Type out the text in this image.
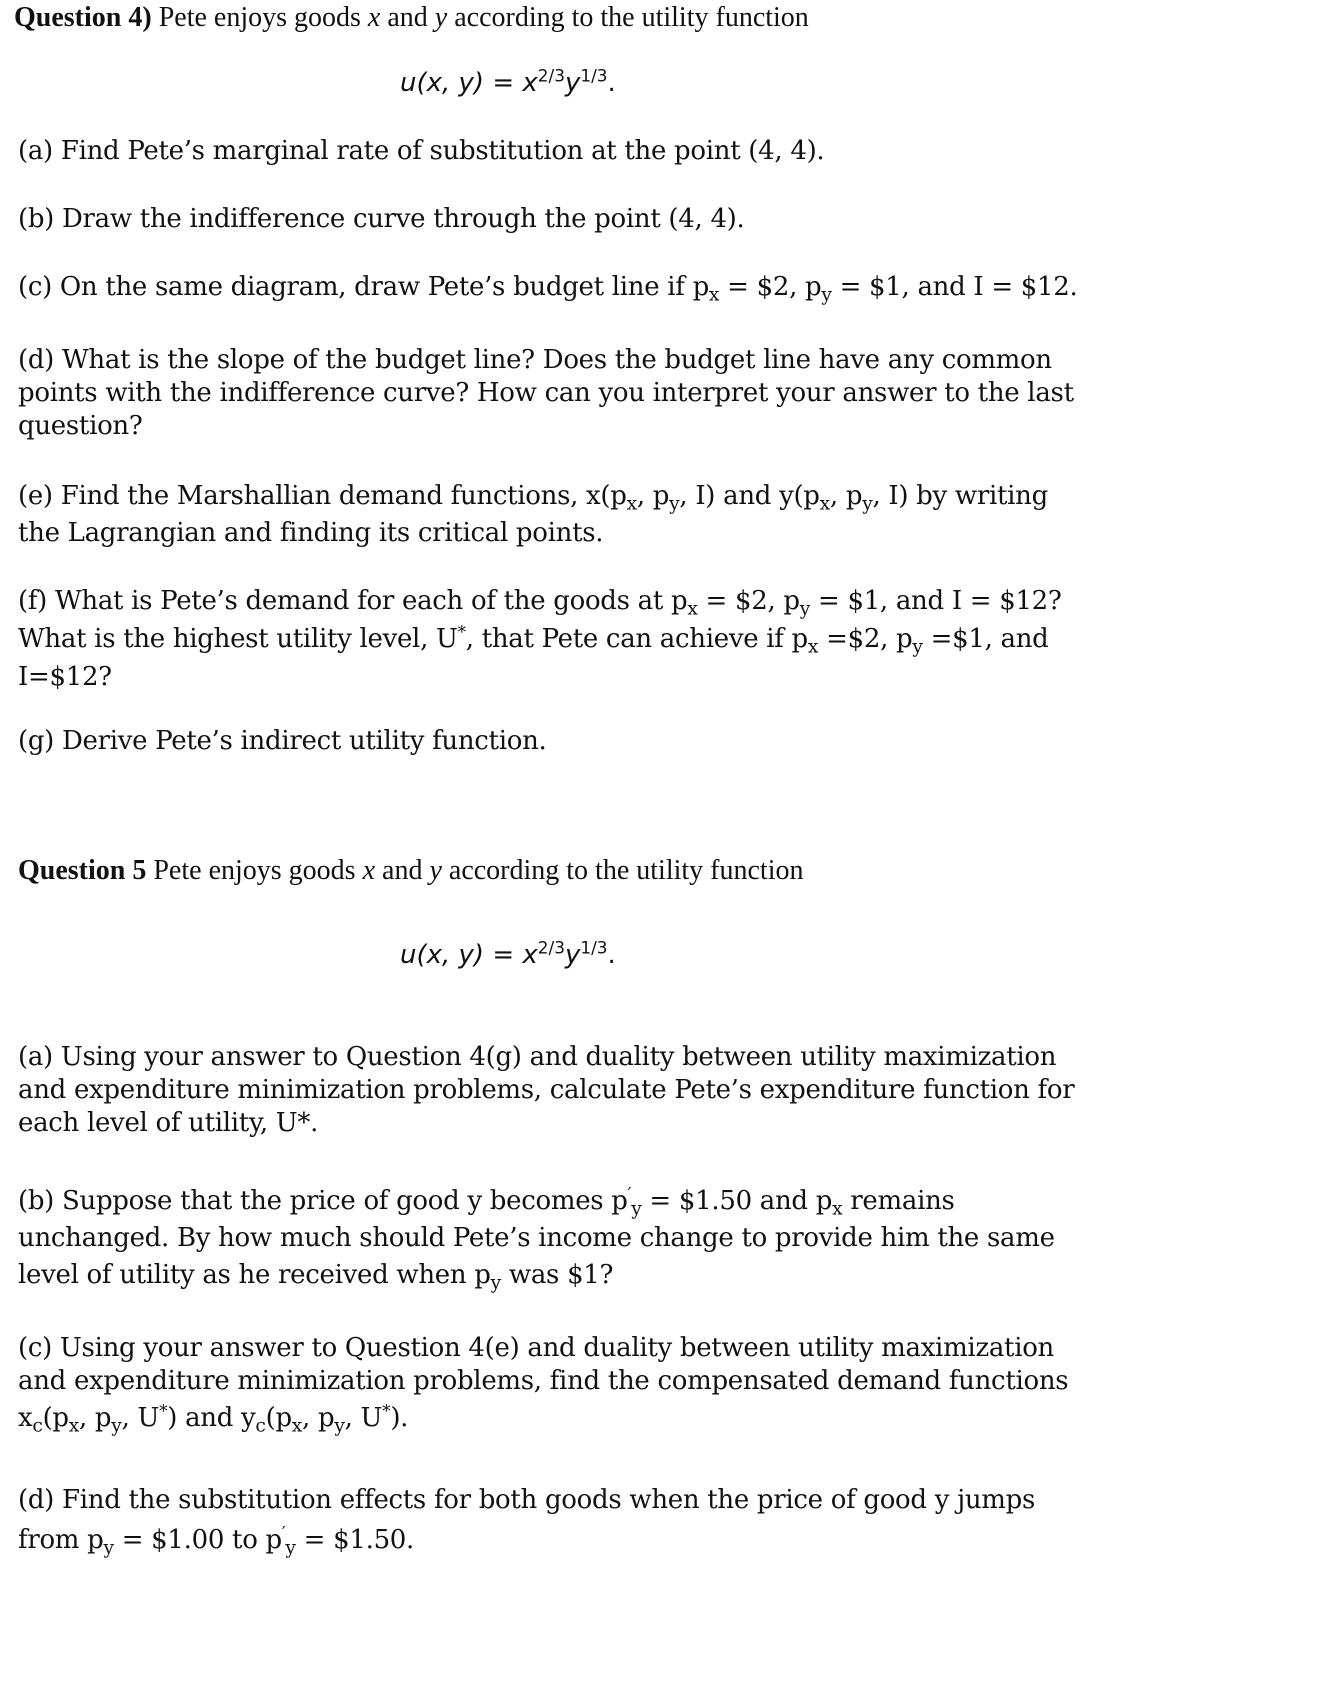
Question 4) Pete enjoys goods x and y according to the utility function
u(x, $y) = x^{2/3}y^{1/3}$.
(a) Find Pete’s marginal rate of substitution at the point (4, 4).
(b) Draw the indifference curve through the point (4, 4).
(c) On the same diagram, draw Pete’s budget line if $p_x$ = $2, $p_y$ = $1, and I = $12.
(d) What is the slope of the budget line? Does the budget line have any common
points with the indifference curve? How can you interpret your answer to the last
question?
(e) Find the Marshallian demand functions, $x(p_x$, $p_y$, I) and $y(p_x$, $p_y$, I) by writing
the Lagrangian and finding its critical points.
(f) What is Pete’s demand for each of the goods at $p_x$ = $2, $p_y$ = $1, and I = $12?
What is the highest utility level, U*, that Pete can achieve if $p_x$ =$2, $p_y$ =$1, and
I=$12?
(g) Derive Pete’s indirect utility function.
Question 5 Pete enjoys goods x and y according to the utility function
u(x, $y) = x^{2/3}y^{1/3}$.
(a) Using your answer to Question 4(g) and duality between utility maximization
and expenditure minimization problems, calculate Pete’s expenditure function for
each level of utility, U*.
(b) Suppose that the price of good y becomes $p'_y$ = $1.50 and $p_x$ remains
unchanged. By how much should Pete’s income change to provide him the same
level of utility as he received when $p_y$ was $1?
(c) Using your answer to Question 4(e) and duality between utility maximization
and expenditure minimization problems, find the compensated demand functions
$x_c(p_x$, $p_y$, U*) and $y_c(p_x$, $p_y$, U*).
(d) Find the substitution effects for both goods when the price of good y jumps
from $p_y$ = $1.00 to $p'_y$ = $1.50.
